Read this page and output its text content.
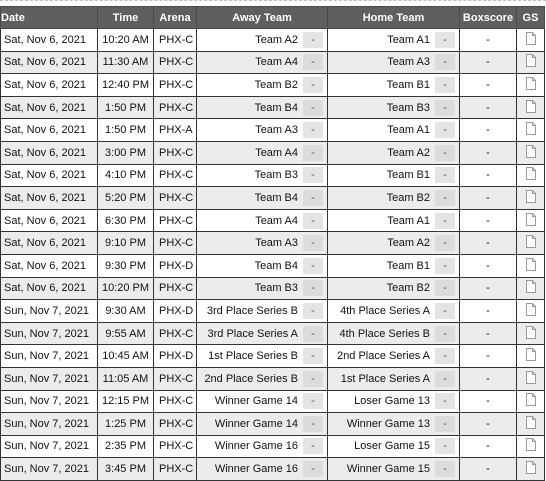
Date	Time	Arena	Away Team	Home Team	Boxscore	GS
Sat, Nov 6, 2021	10:20 AM	PHX-C	Team A2 -	Team A1 -	-	
Sat, Nov 6, 2021	11:30 AM	PHX-C	Team A4 -	Team A3 -	-	
Sat, Nov 6, 2021	12:40 PM	PHX-C	Team B2 -	Team B1 -	-	
Sat, Nov 6, 2021	1:50 PM	PHX-C	Team B4 -	Team B3 -	-	
Sat, Nov 6, 2021	1:50 PM	PHX-A	Team A3 -	Team A1 -	-	
Sat, Nov 6, 2021	3:00 PM	PHX-C	Team A4 -	Team A2 -	-	
Sat, Nov 6, 2021	4:10 PM	PHX-C	Team B3 -	Team B1 -	-	
Sat, Nov 6, 2021	5:20 PM	PHX-C	Team B4 -	Team B2 -	-	
Sat, Nov 6, 2021	6:30 PM	PHX-C	Team A4 -	Team A1 -	-	
Sat, Nov 6, 2021	9:10 PM	PHX-C	Team A3 -	Team A2 -	-	
Sat, Nov 6, 2021	9:30 PM	PHX-D	Team B4 -	Team B1 -	-	
Sat, Nov 6, 2021	10:20 PM	PHX-C	Team B3 -	Team B2 -	-	
Sun, Nov 7, 2021	9:30 AM	PHX-D	3rd Place Series B -	4th Place Series A -	-	
Sun, Nov 7, 2021	9:55 AM	PHX-C	3rd Place Series A -	4th Place Series B -	-	
Sun, Nov 7, 2021	10:45 AM	PHX-D	1st Place Series B -	2nd Place Series A -	-	
Sun, Nov 7, 2021	11:05 AM	PHX-C	2nd Place Series B -	1st Place Series A -	-	
Sun, Nov 7, 2021	12:15 PM	PHX-C	Winner Game 14 -	Loser Game 13 -	-	
Sun, Nov 7, 2021	1:25 PM	PHX-C	Winner Game 14 -	Winner Game 13 -	-	
Sun, Nov 7, 2021	2:35 PM	PHX-C	Winner Game 16 -	Loser Game 15 -	-	
Sun, Nov 7, 2021	3:45 PM	PHX-C	Winner Game 16 -	Winner Game 15 -	-	
